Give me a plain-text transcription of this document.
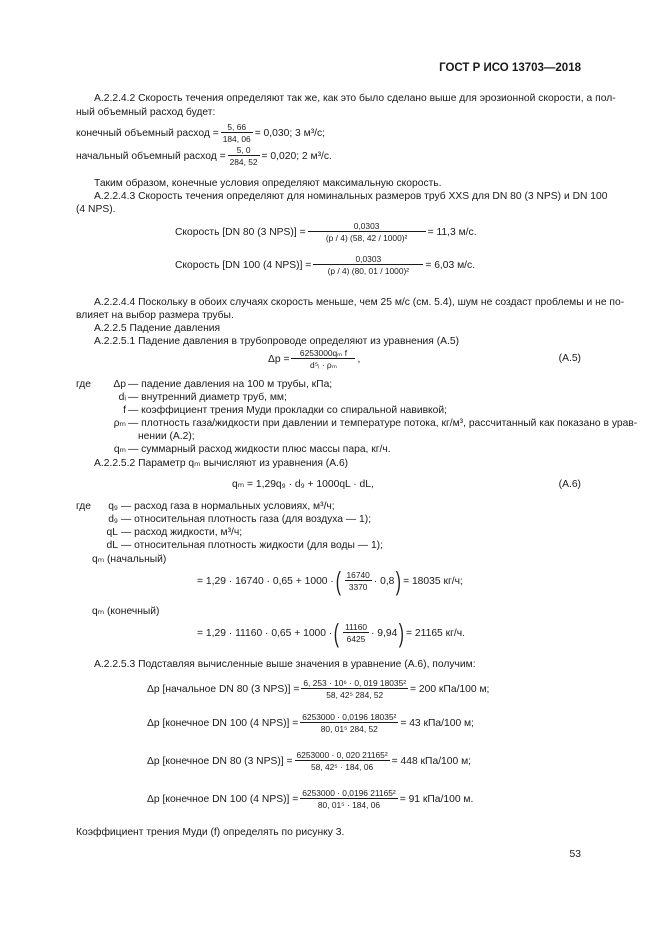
ГОСТ Р ИСО 13703—2018
А.2.2.4.2 Скорость течения определяют так же, как это было сделано выше для эрозионной скорости, а пол-
ный объемный расход будет:
конечный объемный расход = $\frac{5, 66}{184, 06} = 0,030$; 3 м³/с;
начальный объемный расход = $\frac{5, 0}{284, 52} = 0,020$; 2 м³/с.
Таким образом, конечные условия определяют максимальную скорость.
А.2.2.4.3 Скорость течения определяют для номинальных размеров труб XXS для DN 80 (3 NPS) и DN 100
(4 NPS).
Скорость [DN 80 (3 $NPS)] = \frac{0,0303}{\text{(p / 4) (58, 42 / 1000)²}} = 11,3$ м/с.
Скорость [DN 100 (4 $NPS)] = \frac{0,0303}{\text{(p / 4) (80, 01 / 1000)²}} = 6,03$ м/с.
А.2.2.4.4 Поскольку в обоих случаях скорость меньше, чем 25 м/с (см. 5.4), шум не создаст проблемы и не по-
влияет на выбор размера трубы.
А.2.2.5 Падение давления
А.2.2.5.1 Падение давления в трубопроводе определяют из уравнения (А.5)
$\Delta p = \frac{\text{6253000qₘ f}}{\text{d⁵ᵢ · ρₘ}}$ ,	(А.5)
где	Δp — падение давления на 100 м трубы, кПа;
dᵢ — внутренний диаметр труб, мм;
f — коэффициент трения Муди прокладки со спиральной навивкой;
ρₘ — плотность газа/жидкости при давлении и температуре потока, кг/м³, рассчитанный как показано в урав-
нении (А.2);
qₘ — суммарный расход жидкости плюс массы пара, кг/ч.
А.2.2.5.2 Параметр qₘ вычисляют из уравнения (А.6)
qₘ = 1,29q₉ · d₉ + 1000qL · dL,	(А.6)
где	q₉ — расход газа в нормальных условиях, м³/ч;
d₉ — относительная плотность газа (для воздуха — 1);
qL — расход жидкости, м³/ч;
dL — относительная плотность жидкости (для воды — 1);
qₘ (начальный)
= 1,29 · 16740 · 0,65 + 1000 · ( $\frac{16740}{3370} \cdot 0,8$ ) = 18035 кг/ч;
qₘ (конечный)
= 1,29 · 11160 · 0,65 + 1000 · ( $\frac{11160}{6425} \cdot 9,94$ ) = 21165 кг/ч.
А.2.2.5.3 Подставляя вычисленные выше значения в уравнение (А.6), получим:
Δp [начальное DN 80 (3 $NPS)] = \frac{\text{6, 253 · 10⁶ · 0, 019 18035²}}{\text{58, 42⁵ 284, 52}} = 200$ кПа/100 м;
Δp [конечное DN 100 (4 $NPS)] = \frac{\text{6253000 · 0,0196 18035²}}{\text{80, 01⁵ 284, 52}} = 43$ кПа/100 м;
Δp [конечное DN 80 (3 $NPS)] = \frac{\text{6253000 · 0, 020 21165²}}{\text{58, 42⁵ · 184, 06}} = 448$ кПа/100 м;
Δp [конечное DN 100 (4 $NPS)] = \frac{\text{6253000 · 0,0196 21165²}}{\text{80, 01⁵ · 184, 06}} = 91$ кПа/100 м.
Коэффициент трения Муди (f) определять по рисунку 3.
53
